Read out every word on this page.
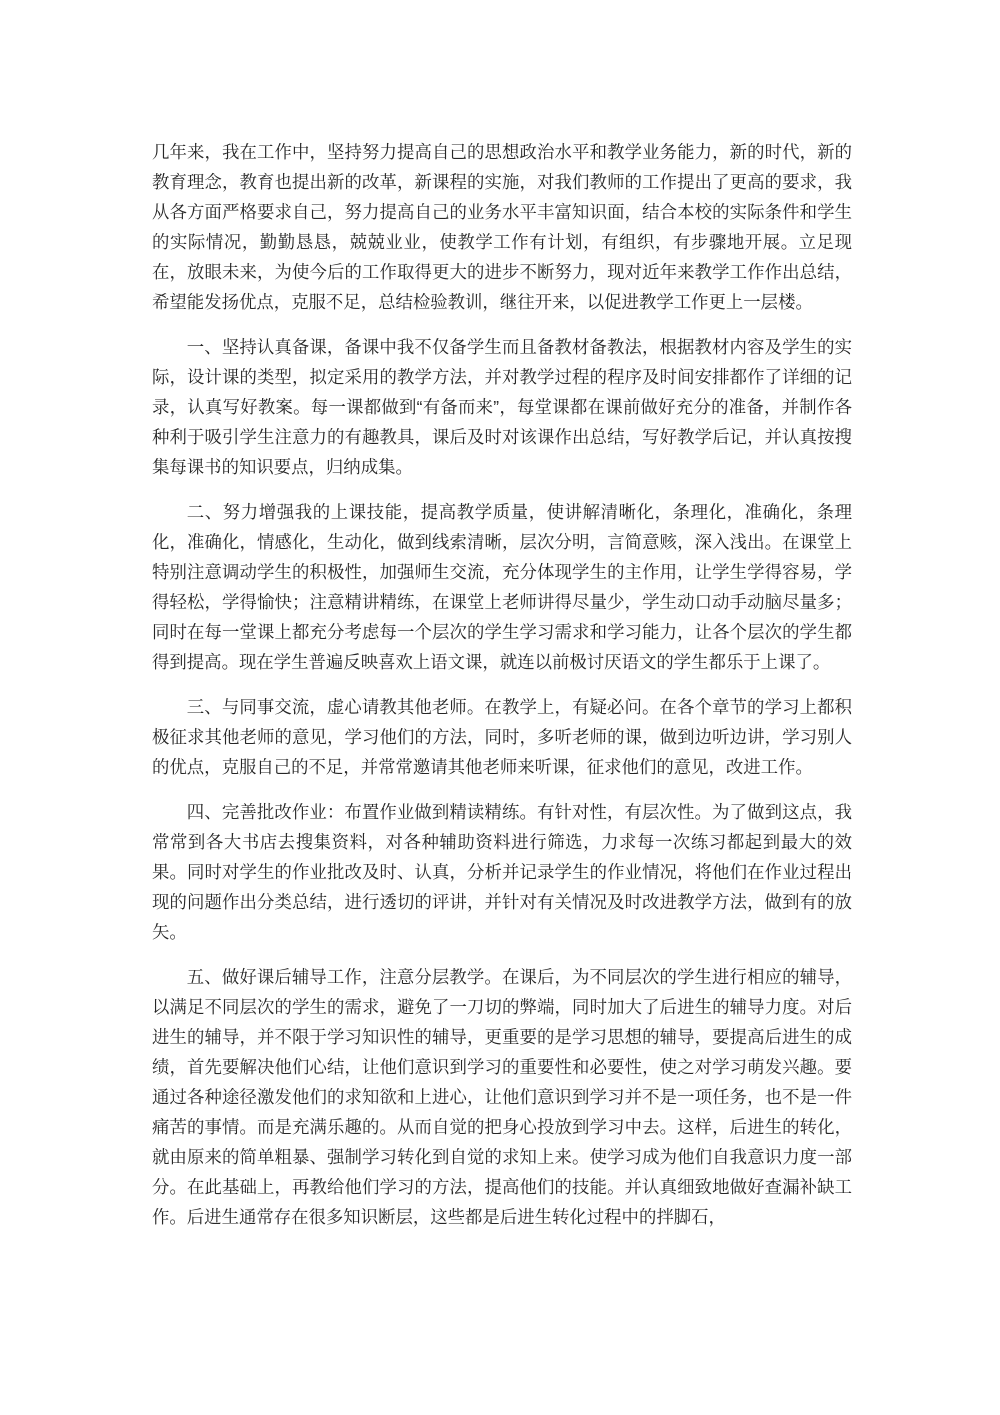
几年来，我在工作中，坚持努力提高自己的思想政治水平和教学业务能力，新的时代，新的教育理念，教育也提出新的改革，新课程的实施，对我们教师的工作提出了更高的要求，我从各方面严格要求自己，努力提高自己的业务水平丰富知识面，结合本校的实际条件和学生的实际情况，勤勤恳恳，兢兢业业，使教学工作有计划，有组织，有步骤地开展。立足现在，放眼未来，为使今后的工作取得更大的进步不断努力，现对近年来教学工作作出总结，希望能发扬优点，克服不足，总结检验教训，继往开来，以促进教学工作更上一层楼。

一、坚持认真备课，备课中我不仅备学生而且备教材备教法，根据教材内容及学生的实际，设计课的类型，拟定采用的教学方法，并对教学过程的程序及时间安排都作了详细的记录，认真写好教案。每一课都做到“有备而来”，每堂课都在课前做好充分的准备，并制作各种利于吸引学生注意力的有趣教具，课后及时对该课作出总结，写好教学后记，并认真按搜集每课书的知识要点，归纳成集。

二、努力增强我的上课技能，提高教学质量，使讲解清晰化，条理化，准确化，条理化，准确化，情感化，生动化，做到线索清晰，层次分明，言简意赅，深入浅出。在课堂上特别注意调动学生的积极性，加强师生交流，充分体现学生的主作用，让学生学得容易，学得轻松，学得愉快；注意精讲精练，在课堂上老师讲得尽量少，学生动口动手动脑尽量多；同时在每一堂课上都充分考虑每一个层次的学生学习需求和学习能力，让各个层次的学生都得到提高。现在学生普遍反映喜欢上语文课，就连以前极讨厌语文的学生都乐于上课了。

三、与同事交流，虚心请教其他老师。在教学上，有疑必问。在各个章节的学习上都积极征求其他老师的意见，学习他们的方法，同时，多听老师的课，做到边听边讲，学习别人的优点，克服自己的不足，并常常邀请其他老师来听课，征求他们的意见，改进工作。

四、完善批改作业：布置作业做到精读精练。有针对性，有层次性。为了做到这点，我常常到各大书店去搜集资料，对各种辅助资料进行筛选，力求每一次练习都起到最大的效果。同时对学生的作业批改及时、认真，分析并记录学生的作业情况，将他们在作业过程出现的问题作出分类总结，进行透切的评讲，并针对有关情况及时改进教学方法，做到有的放矢。

五、做好课后辅导工作，注意分层教学。在课后，为不同层次的学生进行相应的辅导，以满足不同层次的学生的需求，避免了一刀切的弊端，同时加大了后进生的辅导力度。对后进生的辅导，并不限于学习知识性的辅导，更重要的是学习思想的辅导，要提高后进生的成绩，首先要解决他们心结，让他们意识到学习的重要性和必要性，使之对学习萌发兴趣。要通过各种途径激发他们的求知欲和上进心，让他们意识到学习并不是一项任务，也不是一件痛苦的事情。而是充满乐趣的。从而自觉的把身心投放到学习中去。这样，后进生的转化，就由原来的简单粗暴、强制学习转化到自觉的求知上来。使学习成为他们自我意识力度一部分。在此基础上，再教给他们学习的方法，提高他们的技能。并认真细致地做好查漏补缺工作。后进生通常存在很多知识断层，这些都是后进生转化过程中的拌脚石，
